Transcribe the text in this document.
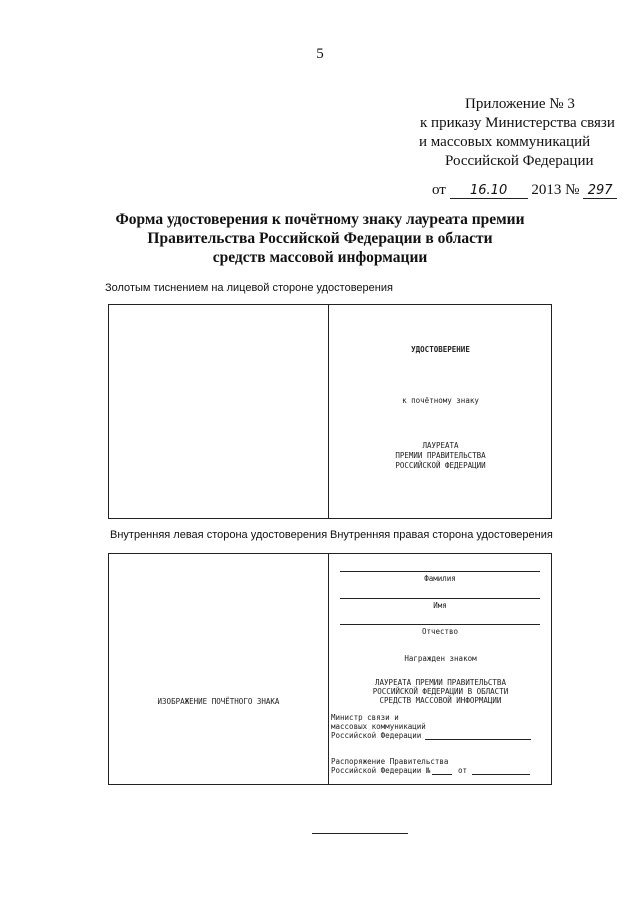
5
Приложение № 3
к приказу Министерства связи
и массовых коммуникаций
Российской Федерации
от 16.10 2013 № 297
Форма удостоверения к почётному знаку лауреата премии
Правительства Российской Федерации в области
средств массовой информации
Золотым тиснением на лицевой стороне удостоверения
УДОСТОВЕРЕНИЕ
к почётному знаку
ЛАУРЕАТА
ПРЕМИИ ПРАВИТЕЛЬСТВА
РОССИЙСКОЙ ФЕДЕРАЦИИ
Внутренняя левая сторона удостоверения Внутренняя правая сторона удостоверения
ИЗОБРАЖЕНИЕ ПОЧЁТНОГО ЗНАКА
Фамилия
Имя
Отчество
Награжден знаком
ЛАУРЕАТА ПРЕМИИ ПРАВИТЕЛЬСТВА
РОССИЙСКОЙ ФЕДЕРАЦИИ В ОБЛАСТИ
СРЕДСТВ МАССОВОЙ ИНФОРМАЦИИ
Министр связи и
массовых коммуникаций
Российской Федерации
Распоряжение Правительства
Российской Федерации №	от
